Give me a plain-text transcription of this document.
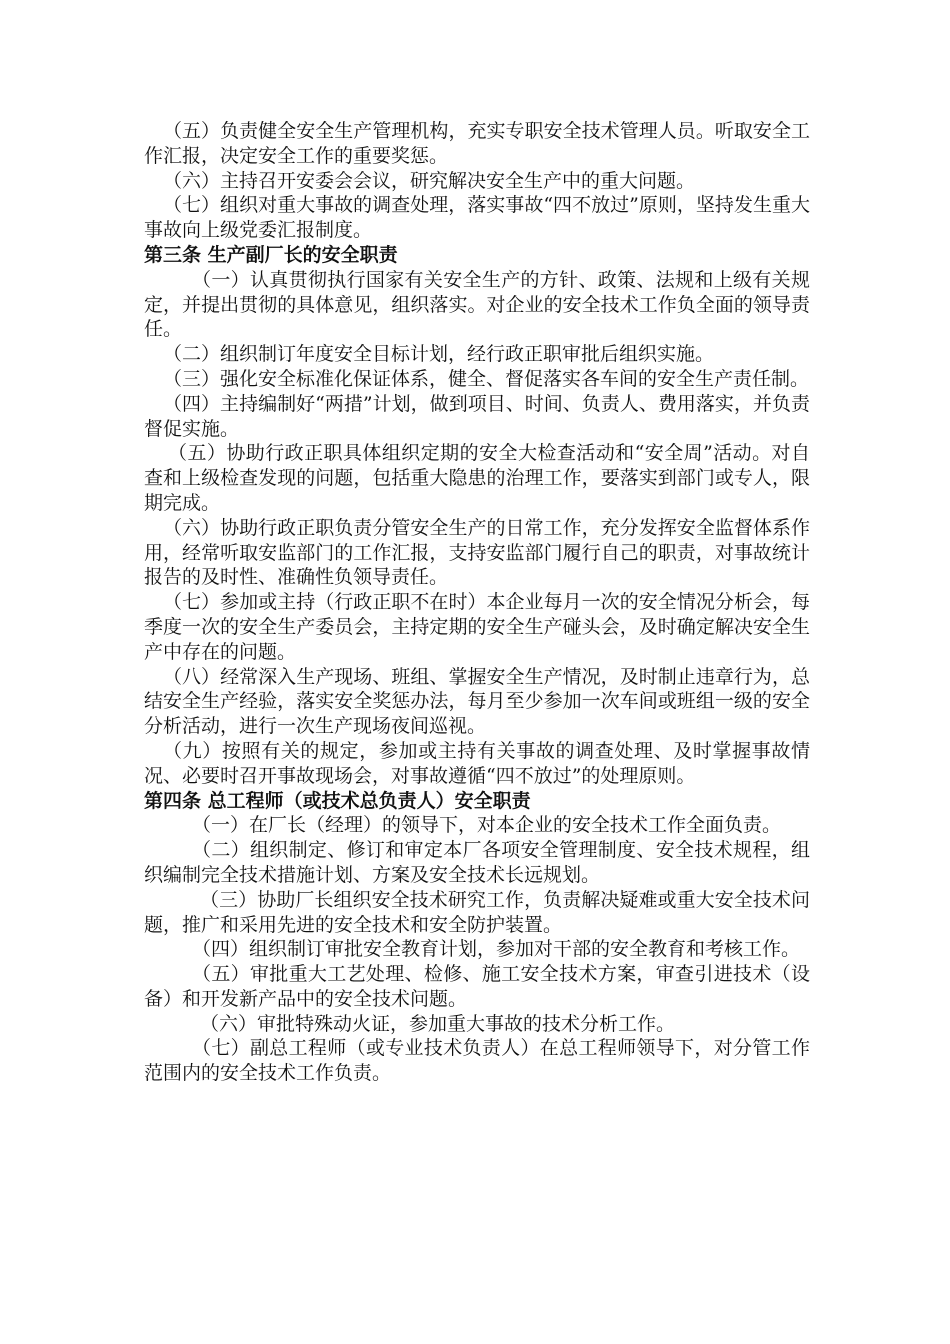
（五）负责健全安全生产管理机构，充实专职安全技术管理人员。听取安全工作汇报，决定安全工作的重要奖惩。

（六）主持召开安委会会议，研究解决安全生产中的重大问题。

（七）组织对重大事故的调查处理，落实事故“四不放过”原则，坚持发生重大事故向上级党委汇报制度。

第三条 生产副厂长的安全职责

（一）认真贯彻执行国家有关安全生产的方针、政策、法规和上级有关规定，并提出贯彻的具体意见，组织落实。对企业的安全技术工作负全面的领导责任。

（二）组织制订年度安全目标计划，经行政正职审批后组织实施。

（三）强化安全标准化保证体系，健全、督促落实各车间的安全生产责任制。

（四）主持编制好“两措”计划，做到项目、时间、负责人、费用落实，并负责督促实施。

（五）协助行政正职具体组织定期的安全大检查活动和“安全周”活动。对自查和上级检查发现的问题，包括重大隐患的治理工作，要落实到部门或专人，限期完成。

（六）协助行政正职负责分管安全生产的日常工作，充分发挥安全监督体系作用，经常听取安监部门的工作汇报，支持安监部门履行自己的职责，对事故统计报告的及时性、准确性负领导责任。

（七）参加或主持（行政正职不在时）本企业每月一次的安全情况分析会，每季度一次的安全生产委员会，主持定期的安全生产碰头会，及时确定解决安全生产中存在的问题。

（八）经常深入生产现场、班组、掌握安全生产情况，及时制止违章行为，总结安全生产经验，落实安全奖惩办法，每月至少参加一次车间或班组一级的安全分析活动，进行一次生产现场夜间巡视。

（九）按照有关的规定，参加或主持有关事故的调查处理、及时掌握事故情况、必要时召开事故现场会，对事故遵循“四不放过”的处理原则。

第四条 总工程师（或技术总负责人）安全职责

（一）在厂长（经理）的领导下，对本企业的安全技术工作全面负责。

（二）组织制定、修订和审定本厂各项安全管理制度、安全技术规程，组织编制完全技术措施计划、方案及安全技术长远规划。

（三）协助厂长组织安全技术研究工作，负责解决疑难或重大安全技术问题，推广和采用先进的安全技术和安全防护装置。

（四）组织制订审批安全教育计划，参加对干部的安全教育和考核工作。

（五）审批重大工艺处理、检修、施工安全技术方案，审查引进技术（设备）和开发新产品中的安全技术问题。

（六）审批特殊动火证，参加重大事故的技术分析工作。

（七）副总工程师（或专业技术负责人）在总工程师领导下，对分管工作范围内的安全技术工作负责。
